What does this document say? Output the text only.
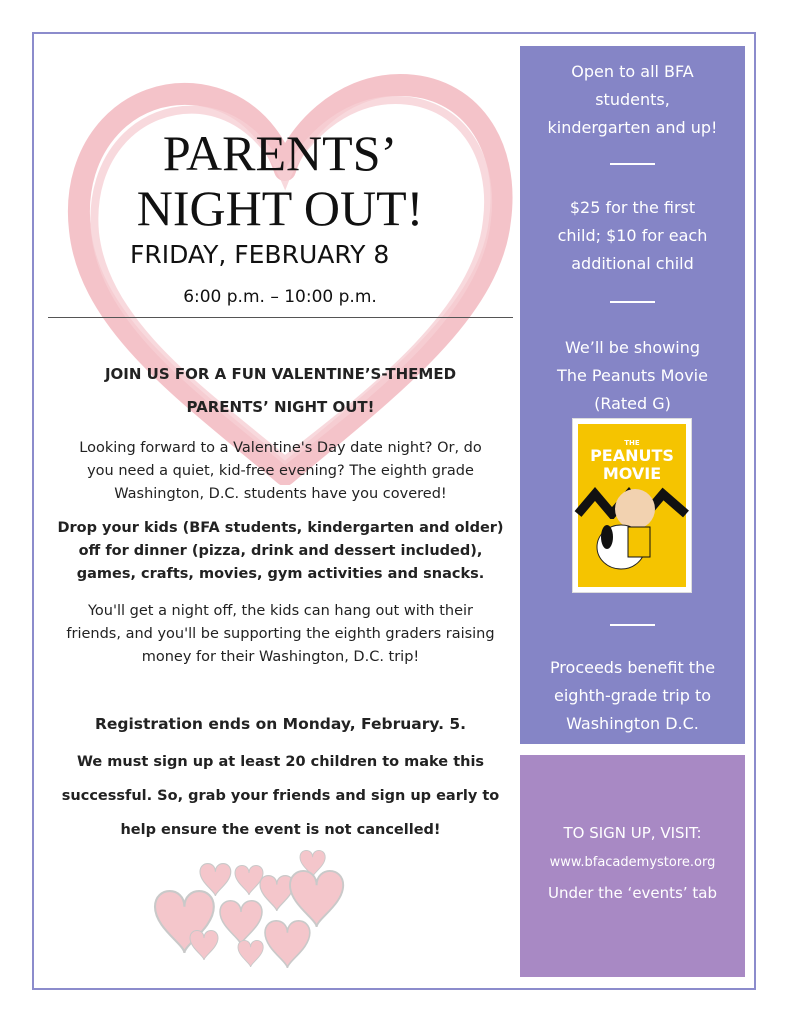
PARENTS’
NIGHT OUT!
FRIDAY, FEBRUARY 8
6:00 p.m. – 10:00 p.m.
JOIN US FOR A FUN VALENTINE’S-THEMED
PARENTS’ NIGHT OUT!
Looking forward to a Valentine's Day date night? Or, do
you need a quiet, kid-free evening? The eighth grade
Washington, D.C. students have you covered!
Drop your kids (BFA students, kindergarten and older)
off for dinner (pizza, drink and dessert included),
games, crafts, movies, gym activities and snacks.
You'll get a night off, the kids can hang out with their
friends, and you'll be supporting the eighth graders raising
money for their Washington, D.C. trip!
Registration ends on Monday, February. 5.
We must sign up at least 20 children to make this
successful. So, grab your friends and sign up early to
help ensure the event is not cancelled!
Open to all BFA
students,
kindergarten and up!
$25 for the first
child; $10 for each
additional child
We’ll be showing
The Peanuts Movie
(Rated G)
THE
PEANUTS
MOVIE
Proceeds benefit the
eighth-grade trip to
Washington D.C.
TO SIGN UP, VISIT:
www.bfacademystore.org
Under the ‘events’ tab
